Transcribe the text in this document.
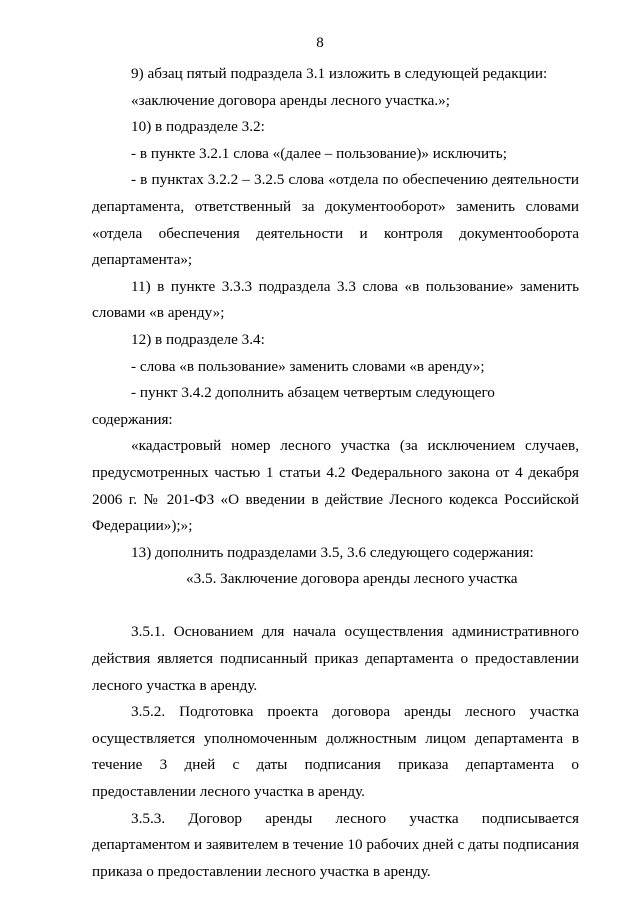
8

9) абзац пятый подраздела 3.1 изложить в следующей редакции:

«заключение договора аренды лесного участка.»;

10) в подразделе 3.2:

- в пункте 3.2.1 слова «(далее – пользование)» исключить;

- в пунктах 3.2.2 – 3.2.5 слова «отдела по обеспечению деятельности департамента, ответственный за документооборот» заменить словами «отдела обеспечения деятельности и контроля документооборота департамента»;

11) в пункте 3.3.3 подраздела 3.3 слова «в пользование» заменить словами «в аренду»;

12) в подразделе 3.4:

- слова «в пользование» заменить словами «в аренду»;

- пункт 3.4.2 дополнить абзацем четвертым следующего содержания:

«кадастровый номер лесного участка (за исключением случаев, предусмотренных частью 1 статьи 4.2 Федерального закона от 4 декабря 2006 г. № 201-ФЗ «О введении в действие Лесного кодекса Российской Федерации»);»;

13) дополнить подразделами 3.5, 3.6 следующего содержания:

«3.5. Заключение договора аренды лесного участка

3.5.1. Основанием для начала осуществления административного действия является подписанный приказ департамента о предоставлении лесного участка в аренду.

3.5.2. Подготовка проекта договора аренды лесного участка осуществляется уполномоченным должностным лицом департамента в течение 3 дней с даты подписания приказа департамента о предоставлении лесного участка в аренду.

3.5.3. Договор аренды лесного участка подписывается департаментом и заявителем в течение 10 рабочих дней с даты подписания приказа о предоставлении лесного участка в аренду.
